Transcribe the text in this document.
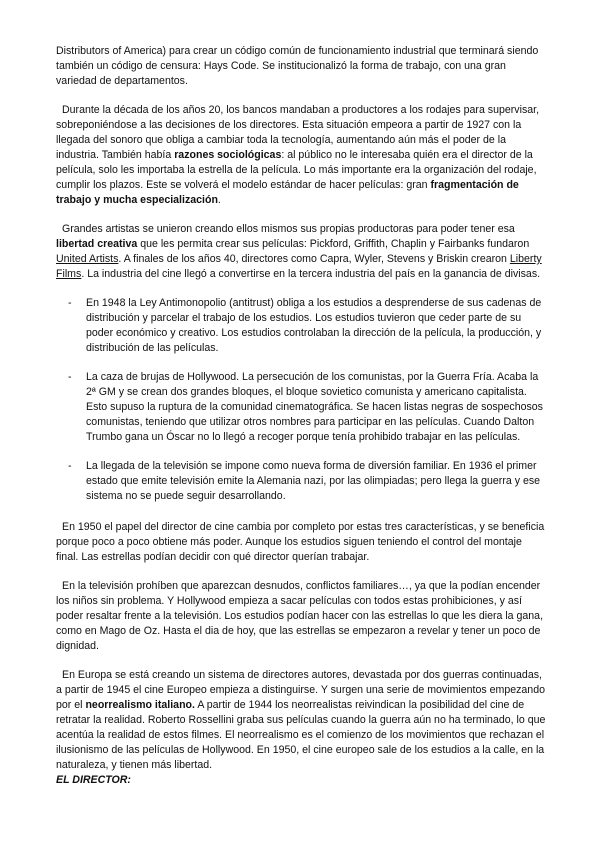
Distributors of America) para crear un código común de funcionamiento industrial que terminará siendo también un código de censura: Hays Code. Se institucionalizó la forma de trabajo, con una gran variedad de departamentos.

Durante la década de los años 20, los bancos mandaban a productores a los rodajes para supervisar, sobreponiéndose a las decisiones de los directores. Esta situación empeora a partir de 1927 con la llegada del sonoro que obliga a cambiar toda la tecnología, aumentando aún más el poder de la industria. También había razones sociológicas: al público no le interesaba quién era el director de la película, solo les importaba la estrella de la película. Lo más importante era la organización del rodaje, cumplir los plazos. Este se volverá el modelo estándar de hacer películas: gran fragmentación de trabajo y mucha especialización.

Grandes artistas se unieron creando ellos mismos sus propias productoras para poder tener esa libertad creativa que les permita crear sus películas: Pickford, Griffith, Chaplin y Fairbanks fundaron United Artists. A finales de los años 40, directores como Capra, Wyler, Stevens y Briskin crearon Liberty Films. La industria del cine llegó a convertirse en la tercera industria del país en la ganancia de divisas.

- En 1948 la Ley Antimonopolio (antitrust) obliga a los estudios a desprenderse de sus cadenas de distribución y parcelar el trabajo de los estudios. Los estudios tuvieron que ceder parte de su poder económico y creativo. Los estudios controlaban la dirección de la película, la producción, y distribución de las películas.
- La caza de brujas de Hollywood. La persecución de los comunistas, por la Guerra Fría. Acaba la 2ª GM y se crean dos grandes bloques, el bloque sovietico comunista y americano capitalista. Esto supuso la ruptura de la comunidad cinematográfica. Se hacen listas negras de sospechosos comunistas, teniendo que utilizar otros nombres para participar en las películas. Cuando Dalton Trumbo gana un Óscar no lo llegó a recoger porque tenía prohibido trabajar en las películas.
- La llegada de la televisión se impone como nueva forma de diversión familiar. En 1936 el primer estado que emite televisión emite la Alemania nazi, por las olimpiadas; pero llega la guerra y ese sistema no se puede seguir desarrollando.

En 1950 el papel del director de cine cambia por completo por estas tres características, y se beneficia porque poco a poco obtiene más poder. Aunque los estudios siguen teniendo el control del montaje final. Las estrellas podían decidir con qué director querían trabajar.

En la televisión prohíben que aparezcan desnudos, conflictos familiares…, ya que la podían encender los niños sin problema. Y Hollywood empieza a sacar películas con todos estas prohibiciones, y así poder resaltar frente a la televisión. Los estudios podían hacer con las estrellas lo que les diera la gana, como en Mago de Oz. Hasta el dia de hoy, que las estrellas se empezaron a revelar y tener un poco de dignidad.

En Europa se está creando un sistema de directores autores, devastada por dos guerras continuadas, a partir de 1945 el cine Europeo empieza a distinguirse. Y surgen una serie de movimientos empezando por el neorrealismo italiano. A partir de 1944 los neorrealistas reivindican la posibilidad del cine de retratar la realidad. Roberto Rossellini graba sus películas cuando la guerra aún no ha terminado, lo que acentúa la realidad de estos filmes. El neorrealismo es el comienzo de los movimientos que rechazan el ilusionismo de las películas de Hollywood. En 1950, el cine europeo sale de los estudios a la calle, en la naturaleza, y tienen más libertad.

EL DIRECTOR:
